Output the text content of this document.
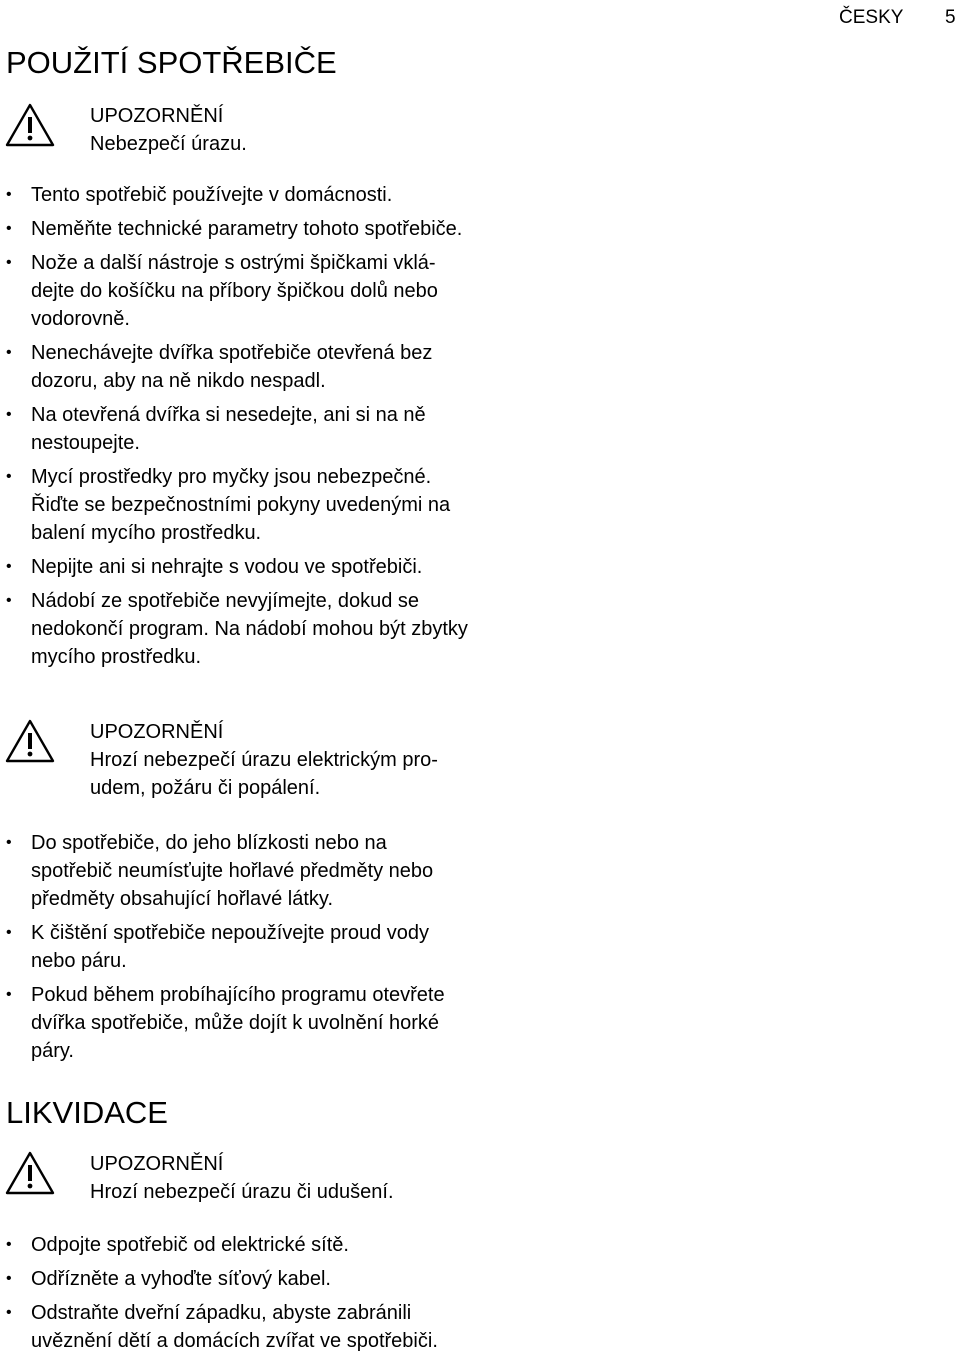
ČESKY 5
POUŽITÍ SPOTŘEBIČE
UPOZORNĚNÍ
Nebezpečí úrazu.
• Tento spotřebič používejte v domácnosti.
• Neměňte technické parametry tohoto spotřebiče.
• Nože a další nástroje s ostrými špičkami vkládejte do košíčku na příbory špičkou dolů nebo vodorovně.
• Nenechávejte dvířka spotřebiče otevřená bez dozoru, aby na ně nikdo nespadl.
• Na otevřená dvířka si nesedejte, ani si na ně nestoupejte.
• Mycí prostředky pro myčky jsou nebezpečné. Řiďte se bezpečnostními pokyny uvedenými na balení mycího prostředku.
• Nepijte ani si nehrajte s vodou ve spotřebiči.
• Nádobí ze spotřebiče nevyjímejte, dokud se nedokončí program. Na nádobí mohou být zbytky mycího prostředku.
UPOZORNĚNÍ
Hrozí nebezpečí úrazu elektrickým proudem, požáru či popálení.
• Do spotřebiče, do jeho blízkosti nebo na spotřebič neumísťujte hořlavé předměty nebo předměty obsahující hořlavé látky.
• K čištění spotřebiče nepoužívejte proud vody nebo páru.
• Pokud během probíhajícího programu otevřete dvířka spotřebiče, může dojít k uvolnění horké páry.
LIKVIDACE
UPOZORNĚNÍ
Hrozí nebezpečí úrazu či udušení.
• Odpojte spotřebič od elektrické sítě.
• Odřízněte a vyhoďte síťový kabel.
• Odstraňte dveřní západku, abyste zabránili uvěznění dětí a domácích zvířat ve spotřebiči.
